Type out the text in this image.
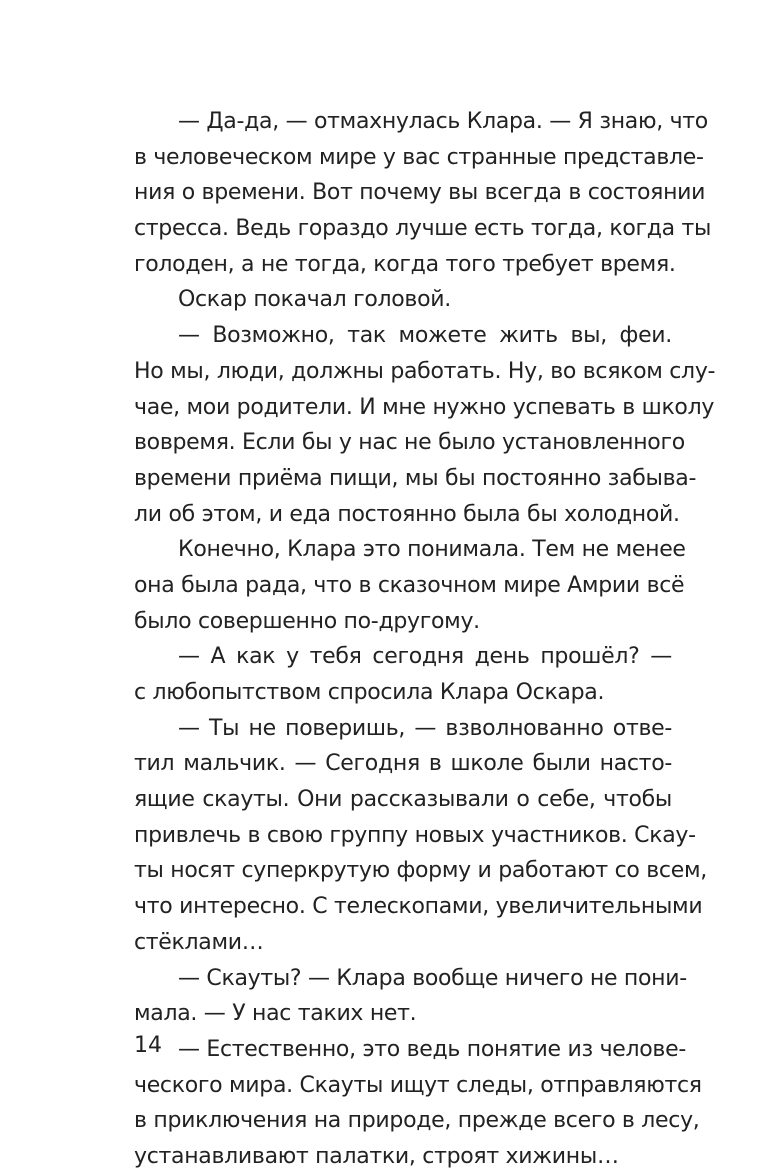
— Да-да, — отмахнулась Клара. — Я знаю, что
в человеческом мире у вас странные представле-
ния о времени. Вот почему вы всегда в состоянии
стресса. Ведь гораздо лучше есть тогда, когда ты
голоден, а не тогда, когда того требует время.
Оскар покачал головой.
— Возможно, так можете жить вы, феи.
Но мы, люди, должны работать. Ну, во всяком слу-
чае, мои родители. И мне нужно успевать в школу
вовремя. Если бы у нас не было установленного
времени приёма пищи, мы бы постоянно забыва-
ли об этом, и еда постоянно была бы холодной.
Конечно, Клара это понимала. Тем не менее
она была рада, что в сказочном мире Амрии всё
было совершенно по-другому.
— А как у тебя сегодня день прошёл? —
с любопытством спросила Клара Оскара.
— Ты не поверишь, — взволнованно отве-
тил мальчик. — Сегодня в школе были насто-
ящие скауты. Они рассказывали о себе, чтобы
привлечь в свою группу новых участников. Скау-
ты носят суперкрутую форму и работают со всем,
что интересно. С телескопами, увеличительными
стёклами…
— Скауты? — Клара вообще ничего не пони-
мала. — У нас таких нет.
— Естественно, это ведь понятие из челове-
ческого мира. Скауты ищут следы, отправляются
в приключения на природе, прежде всего в лесу,
устанавливают палатки, строят хижины…
14
